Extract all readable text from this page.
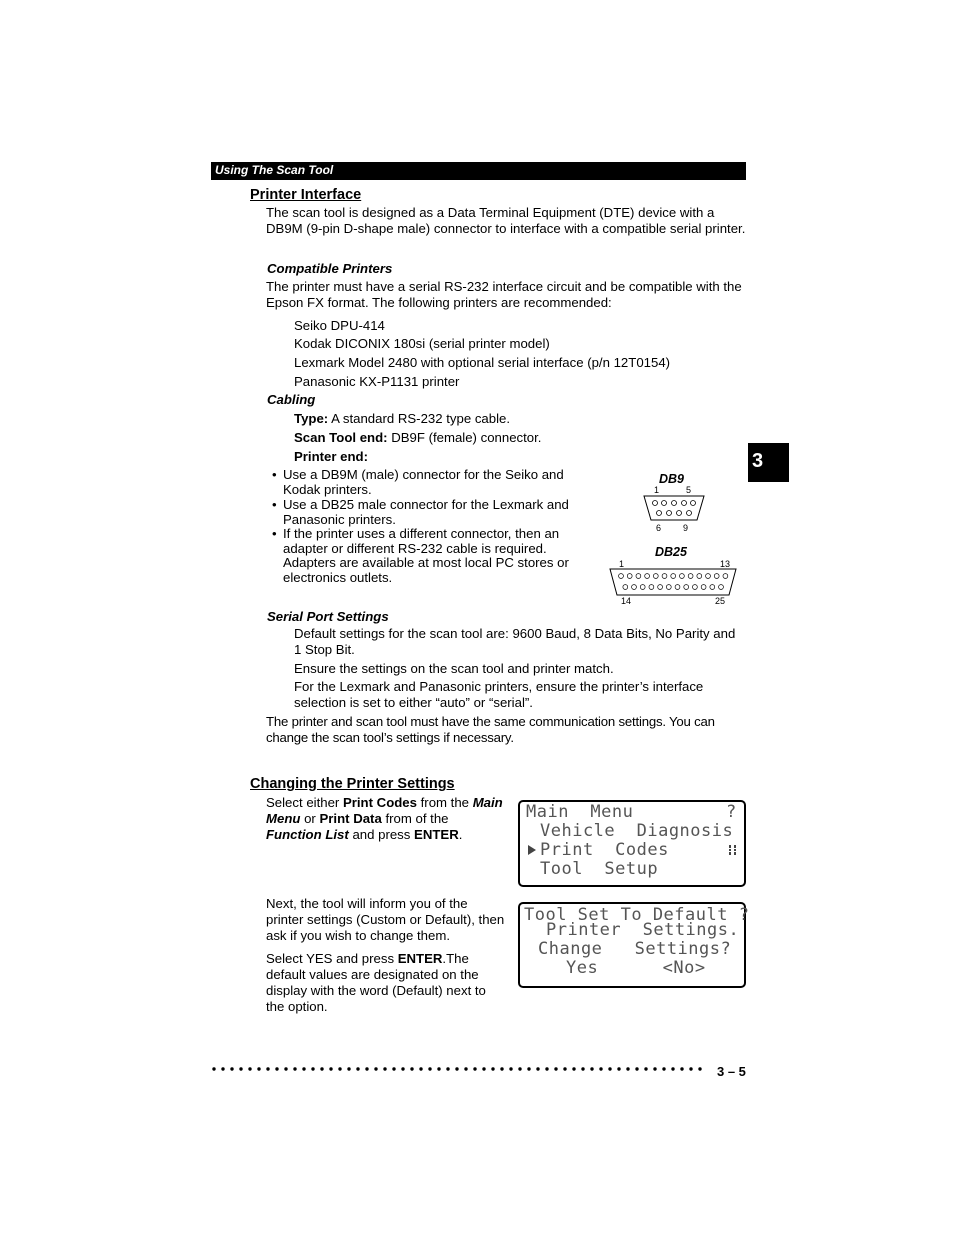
Using The Scan Tool
3
Printer Interface
The scan tool is designed as a Data Terminal Equipment (DTE) device with a DB9M (9-pin D-shape male) connector to interface with a compatible serial printer.
Compatible Printers
The printer must have a serial RS-232 interface circuit and be compatible with the Epson FX format. The following printers are recommended:
Seiko DPU-414
Kodak DICONIX 180si (serial printer model)
Lexmark Model 2480 with optional serial interface (p/n 12T0154)
Panasonic KX-P1131 printer
Cabling
Type: A standard RS-232 type cable.
Scan Tool end: DB9F (female) connector.
Printer end:
• Use a DB9M (male) connector for the Seiko and Kodak printers.
• Use a DB25 male connector for the Lexmark and Panasonic printers.
• If the printer uses a different connector, then an adapter or different RS-232 cable is required. Adapters are available at most local PC stores or electronics outlets.
DB9
1	5
6 9
DB25
1	13
14	25
Serial Port Settings
Default settings for the scan tool are: 9600 Baud, 8 Data Bits, No Parity and 1 Stop Bit.
Ensure the settings on the scan tool and printer match.
For the Lexmark and Panasonic printers, ensure the printer’s interface selection is set to either “auto” or “serial”.
The printer and scan tool must have the same communication settings. You can change the scan tool’s settings if necessary.
Changing the Printer Settings
Select either Print Codes from the Main Menu or Print Data from of the Function List and press ENTER.
Next, the tool will inform you of the printer settings (Custom or Default), then ask if you wish to change them.
Select YES and press ENTER.The default values are designated on the display with the word (Default) next to the option.
Main  Menu	?
Vehicle  Diagnosis
Print  Codes
Tool  Setup
Tool Set To Default ?
Printer  Settings.
Change   Settings?
Yes      <No>
3 – 5
